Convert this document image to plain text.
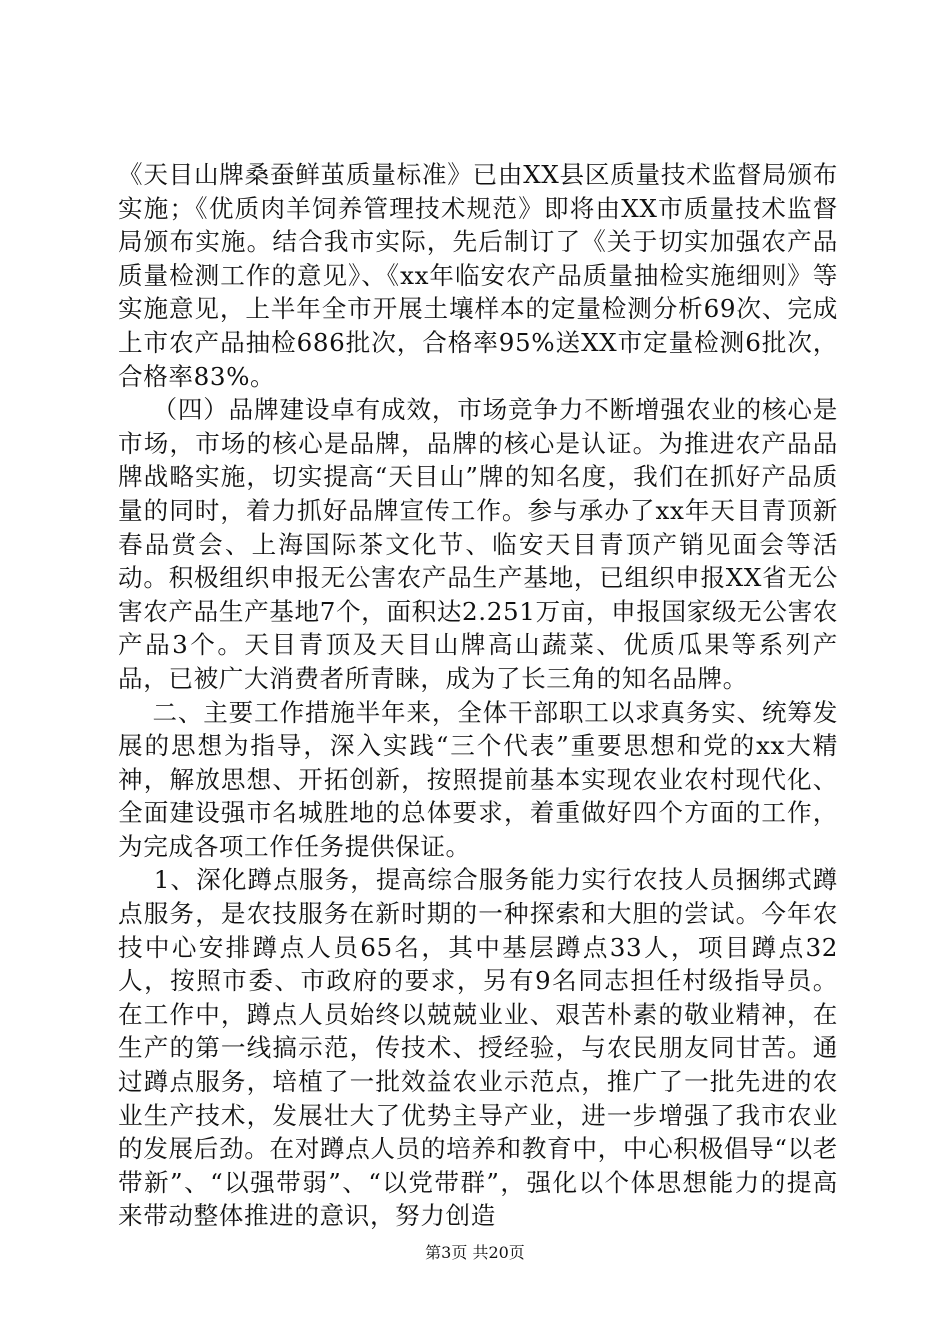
《天目山牌桑蚕鲜茧质量标准》已由XX县区质量技术监督局颁布实施；《优质肉羊饲养管理技术规范》即将由XX市质量技术监督局颁布实施。结合我市实际，先后制订了《关于切实加强农产品质量检测工作的意见》、《xx年临安农产品质量抽检实施细则》等实施意见，上半年全市开展土壤样本的定量检测分析69次、完成上市农产品抽检686批次，合格率95%送XX市定量检测6批次，合格率83%。

（四）品牌建设卓有成效，市场竞争力不断增强农业的核心是市场，市场的核心是品牌，品牌的核心是认证。为推进农产品品牌战略实施，切实提高“天目山”牌的知名度，我们在抓好产品质量的同时，着力抓好品牌宣传工作。参与承办了xx年天目青顶新春品赏会、上海国际茶文化节、临安天目青顶产销见面会等活动。积极组织申报无公害农产品生产基地，已组织申报XX省无公害农产品生产基地7个，面积达2.251万亩，申报国家级无公害农产品3个。天目青顶及天目山牌高山蔬菜、优质瓜果等系列产品，已被广大消费者所青睐，成为了长三角的知名品牌。

二、主要工作措施半年来，全体干部职工以求真务实、统筹发展的思想为指导，深入实践“三个代表”重要思想和党的xx大精神，解放思想、开拓创新，按照提前基本实现农业农村现代化、全面建设强市名城胜地的总体要求，着重做好四个方面的工作，为完成各项工作任务提供保证。

1、深化蹲点服务，提高综合服务能力实行农技人员捆绑式蹲点服务，是农技服务在新时期的一种探索和大胆的尝试。今年农技中心安排蹲点人员65名，其中基层蹲点33人，项目蹲点32人，按照市委、市政府的要求，另有9名同志担任村级指导员。在工作中，蹲点人员始终以兢兢业业、艰苦朴素的敬业精神，在生产的第一线搞示范，传技术、授经验，与农民朋友同甘苦。通过蹲点服务，培植了一批效益农业示范点，推广了一批先进的农业生产技术，发展壮大了优势主导产业，进一步增强了我市农业的发展后劲。在对蹲点人员的培养和教育中，中心积极倡导“以老带新”、“以强带弱”、“以党带群”，强化以个体思想能力的提高来带动整体推进的意识，努力创造

第3页 共20页
